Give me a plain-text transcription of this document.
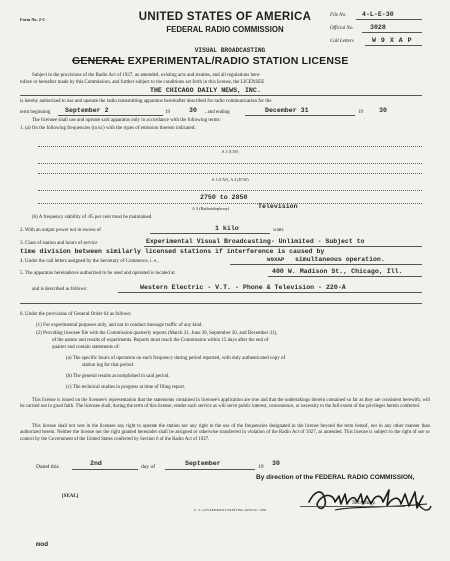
Form No. 2-C	UNITED STATES OF AMERICA
FEDERAL RADIO COMMISSION
File No. 4-L-E-30
Official No. 3028
Call Letters	W 9 X A P
VISUAL BROADCASTING
GENERAL EXPERIMENTAL/RADIO STATION LICENSE
Subject to the provisions of the Radio Act of 1927, as amended, existing acts and treaties, and all regulations here-
tofore or hereafter made by this Commission, and further subject to the conditions set forth in this license, the LICENSEE
THE CHICAGO DAILY NEWS, INC.
is hereby authorized to use and operate the radio transmitting apparatus hereinafter described for radio communication for the
term beginning September 2	19	30 , and ending	December 31	19 30
The licensee shall use and operate said apparatus only in accordance with the following terms:
1. (a) On the following frequencies (in kc) with the types of emission thereon indicated:
A 1 (CW)
A 1 (CW), A 2 (ICW)
2750 to 2850
A 3 (Radiotelephony)	Television
(b) A frequency stability of .05 per cent must be maintained.
2. With an output power not in excess of	1 kilo	watts
3. Class of station and hours of service	Experimental Visual Broadcasting- Unlimited - Subject to
time division between similarly licensed stations if interference is caused by
4. Under the call letters assigned by the Secretary of Commerce, i. e.,	W9XAP simultaneous operation.
5. The apparatus hereinabove authorized to be used and operated is located at	400 W. Madison St., Chicago, Ill.
and is described as follows:	Western Electric - V.T. - Phone & Television - 220-A
6. Under the provisions of General Order 64 as follows:
(1) For experimental purposes only, and not to conduct message traffic of any kind.
(2) Providing licensee file with the Commission quarterly reports (March 31, June 30, September 30, and December 31),
of the nature and results of experiments. Reports must reach the Commission within 15 days after the end of
quarter and contain statements of:
(a) The specific hours of operation on each frequency during period reported, with duly authenticated copy of
station log for that period.
(b) The general results accomplished in said period.
(c) The technical studies in progress at time of filing report.
This license is issued on the licensee's representation that the statements contained in licensee's application are true and that the undertakings therein contained so far as they are consistent herewith, will be carried out in good faith. The licensee shall, during the term of this license, render such service as will serve public interest, convenience, or necessity to the full extent of the privileges herein conferred.
This license shall not vest in the licensee any right to operate the station nor any right in the use of the frequencies designated in the license beyond the term hereof, nor in any other manner than authorized herein. Neither the license nor the right granted hereunder shall be assigned or otherwise transferred in violation of the Radio Act of 1927, as amended. This license is subject to the right of use or control by the Government of the United States conferred by Section 6 of the Radio Act of 1927.
Dated this	2nd	day of	September	19 30
By direction of the FEDERAL RADIO COMMISSION,
[SEAL]
Secretary.
U. S. GOVERNMENT PRINTING OFFICE: 1930
mod
